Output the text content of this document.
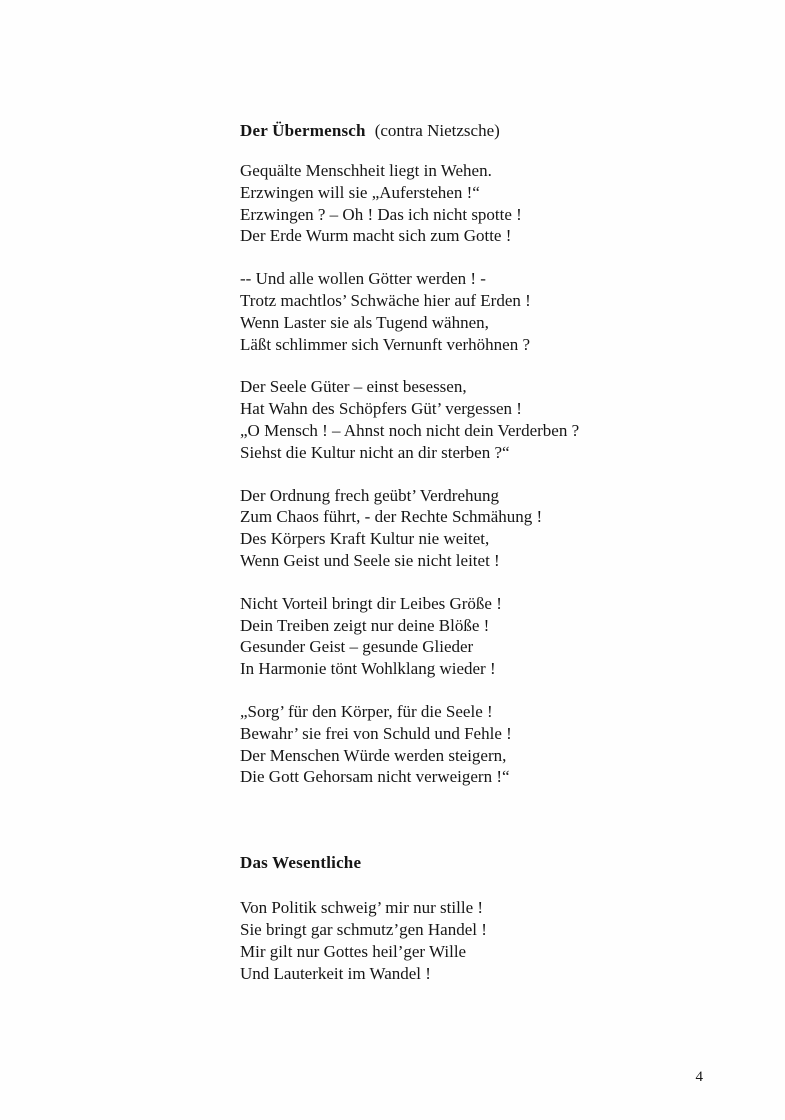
Der Übermensch (contra Nietzsche)
Gequälte Menschheit liegt in Wehen.
Erzwingen will sie „Auferstehen !“
Erzwingen ? – Oh ! Das ich nicht spotte !
Der Erde Wurm macht sich zum Gotte !
-- Und alle wollen Götter werden ! -
Trotz machtlos’ Schwäche hier auf Erden !
Wenn Laster sie als Tugend wähnen,
Läßt schlimmer sich Vernunft verhöhnen ?
Der Seele Güter – einst besessen,
Hat Wahn des Schöpfers Güt’ vergessen !
„O Mensch ! – Ahnst noch nicht dein Verderben ?
Siehst die Kultur nicht an dir sterben ?“
Der Ordnung frech geübt’ Verdrehung
Zum Chaos führt, - der Rechte Schmähung !
Des Körpers Kraft Kultur nie weitet,
Wenn Geist und Seele sie nicht leitet !
Nicht Vorteil bringt dir Leibes Größe !
Dein Treiben zeigt nur deine Blöße !
Gesunder Geist – gesunde Glieder
In Harmonie tönt Wohlklang wieder !
„Sorg’ für den Körper, für die Seele !
Bewahr’ sie frei von Schuld und Fehle !
Der Menschen Würde werden steigern,
Die Gott Gehorsam nicht verweigern !“
Das Wesentliche
Von Politik schweig’ mir nur stille !
Sie bringt gar schmutz’gen Handel !
Mir gilt nur Gottes heil’ger Wille
Und Lauterkeit im Wandel !
4
